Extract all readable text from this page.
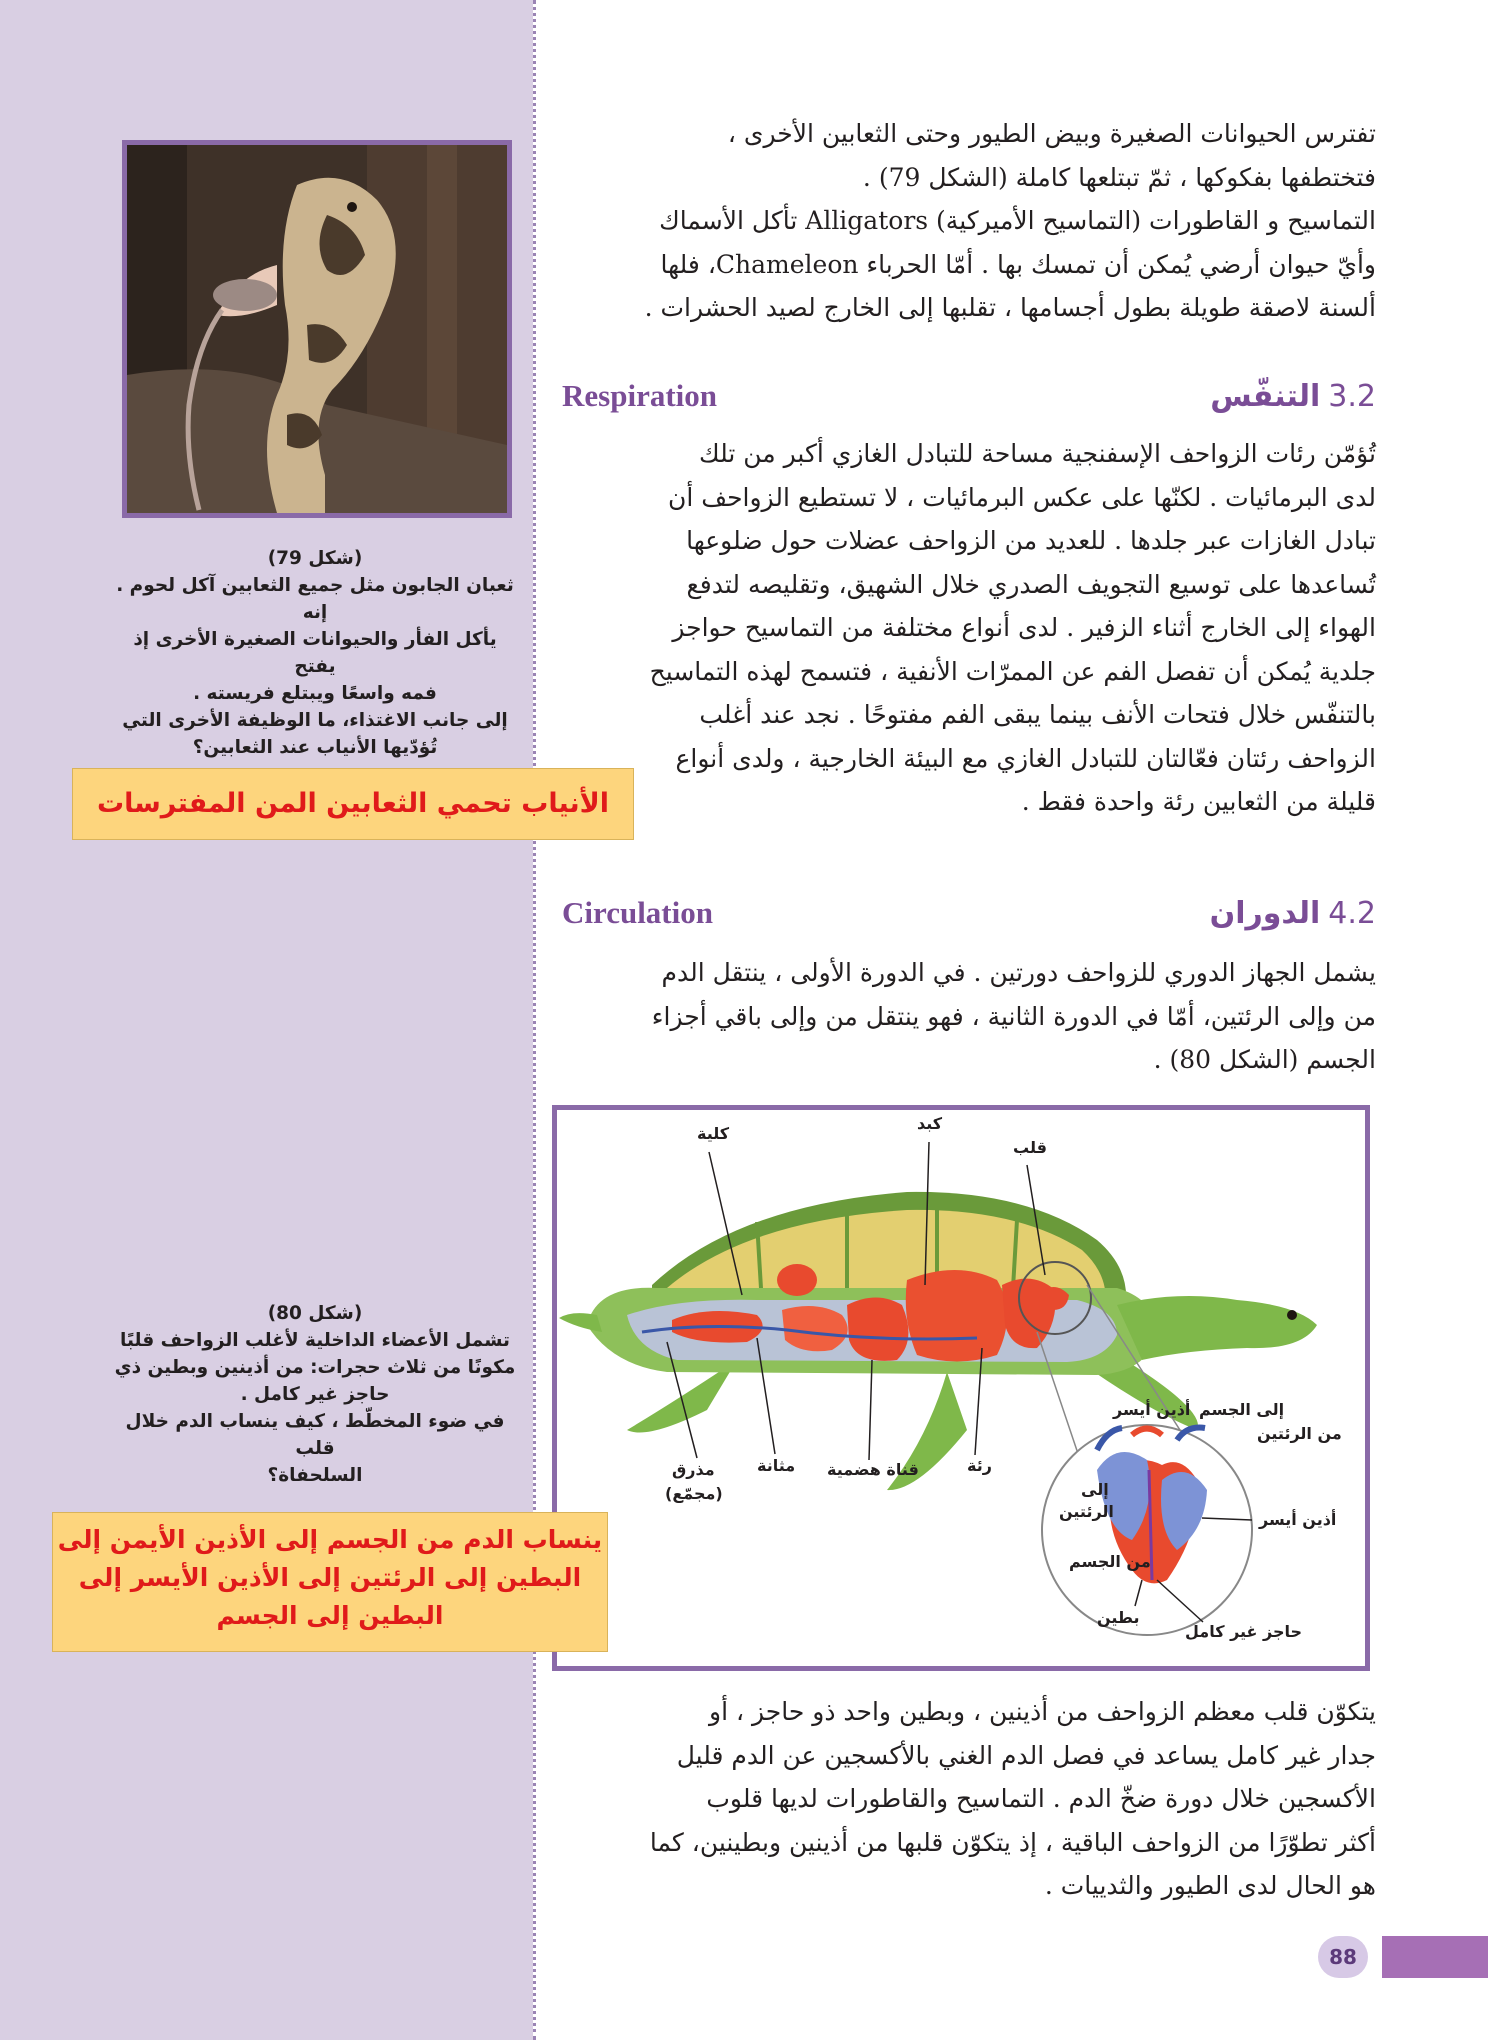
(شكل 79)
ثعبان الجابون مثل جميع الثعابين آكل لحوم . إنه
يأكل الفأر والحيوانات الصغيرة الأخرى إذ يفتح
فمه واسعًا ويبتلع فريسته .
إلى جانب الاغتذاء، ما الوظيفة الأخرى التي
تُؤدّيها الأنياب عند الثعابين؟
الأنياب تحمي الثعابين المن المفترسات
تفترس الحيوانات الصغيرة وبيض الطيور وحتى الثعابين الأخرى ،
فتختطفها بفكوكها ، ثمّ تبتلعها كاملة (الشكل 79) .
التماسيح و القاطورات (التماسيح الأميركية) Alligators تأكل الأسماك
وأيّ حيوان أرضي يُمكن أن تمسك بها . أمّا الحرباء Chameleon، فلها
ألسنة لاصقة طويلة بطول أجسامها ، تقلبها إلى الخارج لصيد الحشرات .
Respiration	3.2التنفّس
تُؤمّن رئات الزواحف الإسفنجية مساحة للتبادل الغازي أكبر من تلك
لدى البرمائيات . لكنّها على عكس البرمائيات ، لا تستطيع الزواحف أن
تبادل الغازات عبر جلدها . للعديد من الزواحف عضلات حول ضلوعها
تُساعدها على توسيع التجويف الصدري خلال الشهيق، وتقليصه لتدفع
الهواء إلى الخارج أثناء الزفير . لدى أنواع مختلفة من التماسيح حواجز
جلدية يُمكن أن تفصل الفم عن الممرّات الأنفية ، فتسمح لهذه التماسيح
بالتنفّس خلال فتحات الأنف بينما يبقى الفم مفتوحًا . نجد عند أغلب
الزواحف رئتان فعّالتان للتبادل الغازي مع البيئة الخارجية ، ولدى أنواع
قليلة من الثعابين رئة واحدة فقط .
Circulation	4.2الدوران
يشمل الجهاز الدوري للزواحف دورتين . في الدورة الأولى ، ينتقل الدم
من وإلى الرئتين، أمّا في الدورة الثانية ، فهو ينتقل من وإلى باقي أجزاء
الجسم (الشكل 80) .
كلية
كبد
قلب
مذرق
(مجمّع)
مثانة قناة هضمية	رئة
أذين أيسر إلى الجسم
من الرئتين
إلى
الرئتين	أذين أيسر
من الجسم
بطين
حاجز غير كامل
(شكل 80)
تشمل الأعضاء الداخلية لأغلب الزواحف قلبًا
مكونًا من ثلاث حجرات: من أذينين وبطين ذي
حاجز غير كامل .
في ضوء المخطّط ، كيف ينساب الدم خلال قلب
السلحفاة؟
ينساب الدم من الجسم إلى الأذين الأيمن إلى
البطين إلى الرئتين إلى الأذين الأيسر إلى
البطين إلى الجسم
يتكوّن قلب معظم الزواحف من أذينين ، وبطين واحد ذو حاجز ، أو
جدار غير كامل يساعد في فصل الدم الغني بالأكسجين عن الدم قليل
الأكسجين خلال دورة ضخّ الدم . التماسيح والقاطورات لديها قلوب
أكثر تطوّرًا من الزواحف الباقية ، إذ يتكوّن قلبها من أذينين وبطينين، كما
هو الحال لدى الطيور والثدييات .
88
